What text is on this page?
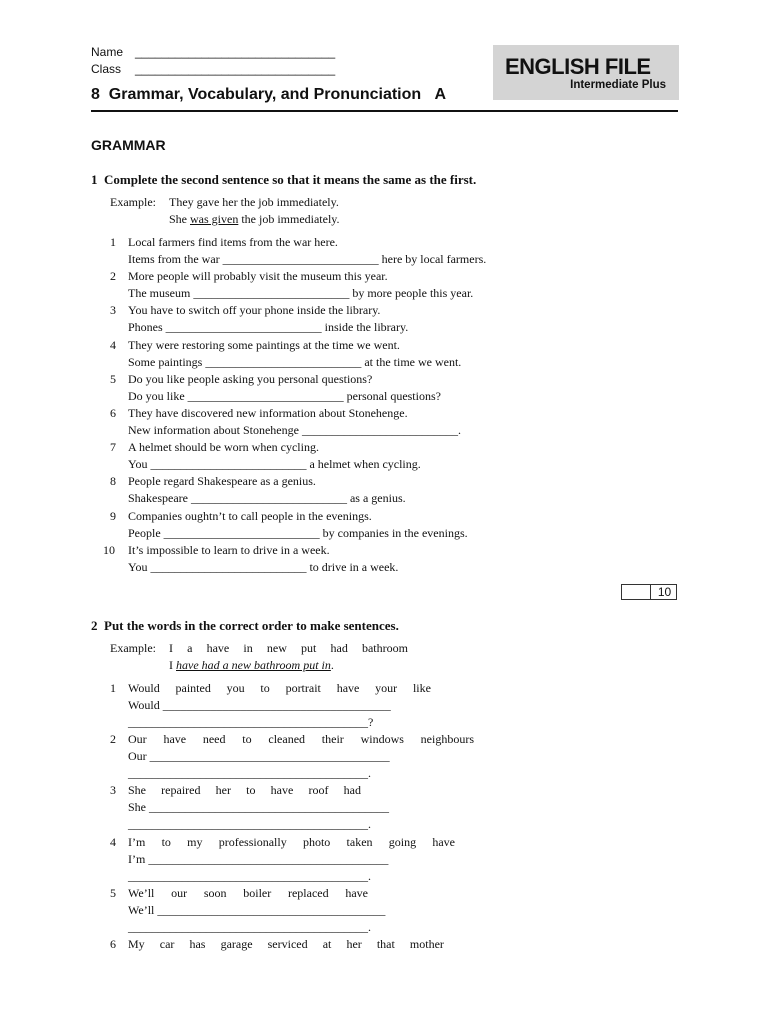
Name ______________________________
Class ______________________________
8 Grammar, Vocabulary, and Pronunciation A
ENGLISH FILE
Intermediate Plus
GRAMMAR
1 Complete the second sentence so that it means the same as the first.
Example: They gave her the job immediately.
She was given the job immediately.
1 Local farmers find items from the war here.
Items from the war __________________________ here by local farmers.
2 More people will probably visit the museum this year.
The museum __________________________ by more people this year.
3 You have to switch off your phone inside the library.
Phones __________________________ inside the library.
4 They were restoring some paintings at the time we went.
Some paintings __________________________ at the time we went.
5 Do you like people asking you personal questions?
Do you like __________________________ personal questions?
6 They have discovered new information about Stonehenge.
New information about Stonehenge __________________________.
7 A helmet should be worn when cycling.
You __________________________ a helmet when cycling.
8 People regard Shakespeare as a genius.
Shakespeare __________________________ as a genius.
9 Companies oughtn’t to call people in the evenings.
People __________________________ by companies in the evenings.
10 It’s impossible to learn to drive in a week.
You __________________________ to drive in a week.
10
2 Put the words in the correct order to make sentences.
Example: I a have in new put had bathroom
I have had a new bathroom put in.
1 Would painted you to portrait have your like
Would ______________________________________
________________________________________?
2 Our have need to cleaned their windows neighbours
Our ________________________________________
________________________________________.
3 She repaired her to have roof had
She ________________________________________
________________________________________.
4 I’m to my professionally photo taken going have
I’m ________________________________________
________________________________________.
5 We’ll our soon boiler replaced have
We’ll ______________________________________
________________________________________.
6 My car has garage serviced at her that mother
